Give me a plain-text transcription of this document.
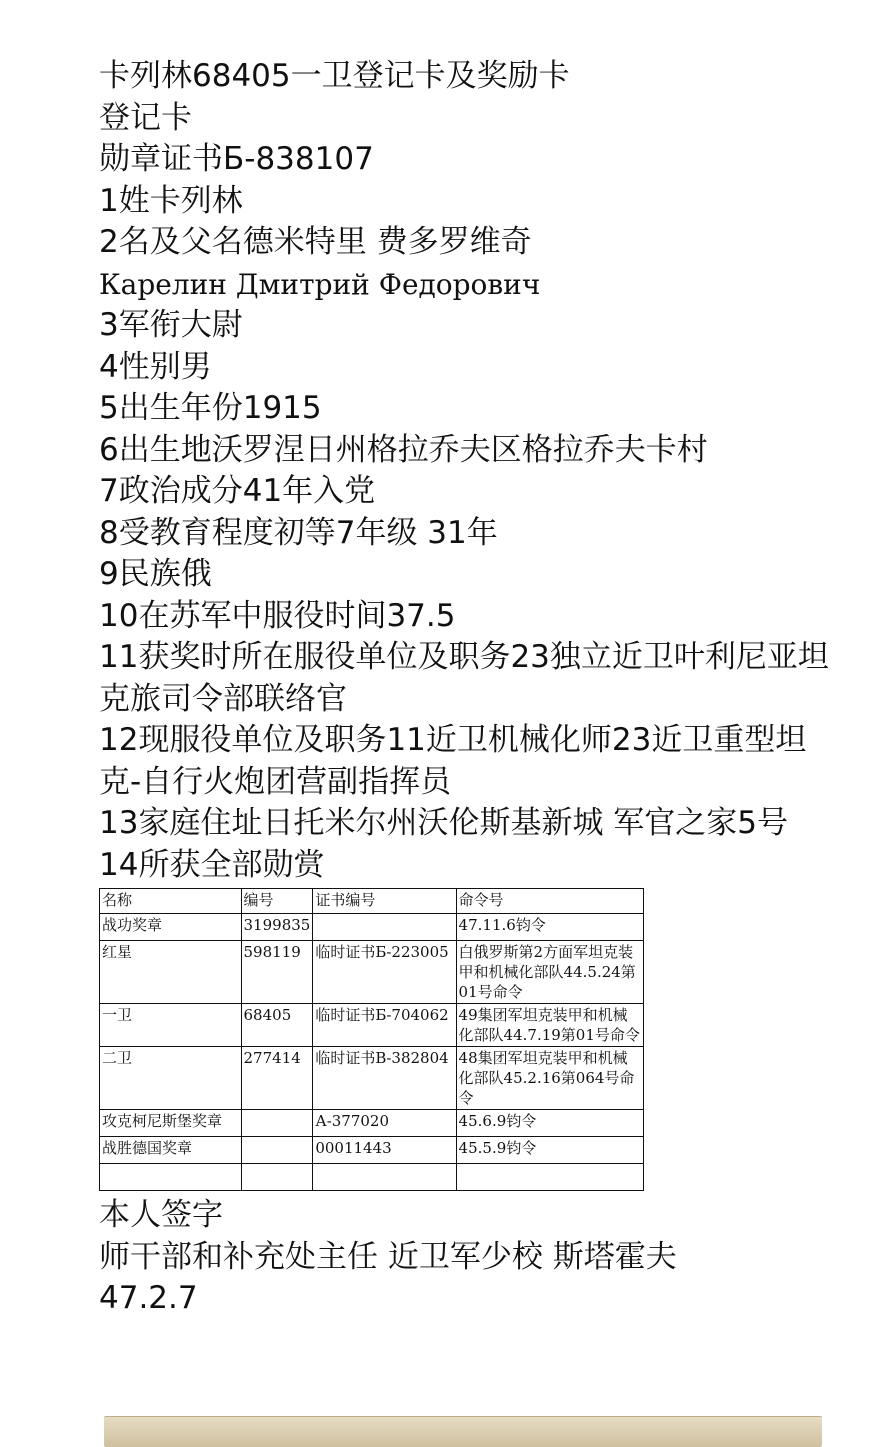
卡列林68405一卫登记卡及奖励卡
登记卡
勋章证书Б-838107
1姓卡列林
2名及父名德米特里 费多罗维奇
Карелин Дмитрий Федорович
3军衔大尉
4性别男
5出生年份1915
6出生地沃罗涅日州格拉乔夫区格拉乔夫卡村
7政治成分41年入党
8受教育程度初等7年级 31年
9民族俄
10在苏军中服役时间37.5
11获奖时所在服役单位及职务23独立近卫叶利尼亚坦克旅司令部联络官
12现服役单位及职务11近卫机械化师23近卫重型坦克-自行火炮团营副指挥员
13家庭住址日托米尔州沃伦斯基新城 军官之家5号
14所获全部勋赏
名称	编号	证书编号	命令号
战功奖章	3199835		47.11.6钧令
红星	598119	临时证书Б-223005	白俄罗斯第2方面军坦克装甲和机械化部队44.5.24第01号命令
一卫	68405	临时证书Б-704062	49集团军坦克装甲和机械化部队44.7.19第01号命令
二卫	277414	临时证书В-382804	48集团军坦克装甲和机械化部队45.2.16第064号命令
攻克柯尼斯堡奖章		А-377020	45.6.9钧令
战胜德国奖章		00011443	45.5.9钧令

本人签字
师干部和补充处主任 近卫军少校 斯塔霍夫
47.2.7
